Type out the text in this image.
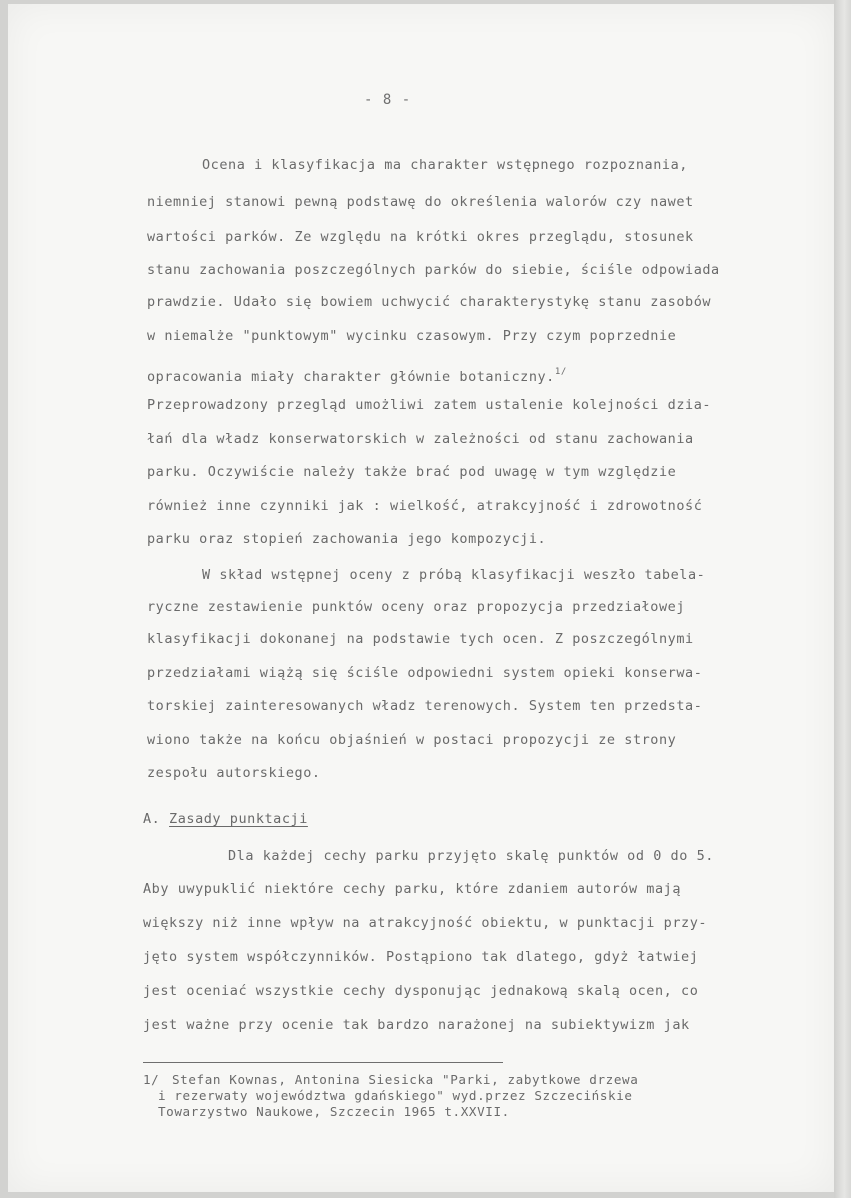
- 8 -
Ocena i klasyfikacja ma charakter wstępnego rozpoznania,
niemniej stanowi pewną podstawę do określenia walorów czy nawet
wartości parków. Ze względu na krótki okres przeglądu, stosunek
stanu zachowania poszczególnych parków do siebie, ściśle odpowiada
prawdzie. Udało się bowiem uchwycić charakterystykę stanu zasobów
w niemalże "punktowym" wycinku czasowym. Przy czym poprzednie
opracowania miały charakter głównie botaniczny.$^{1/}$
Przeprowadzony przegląd umożliwi zatem ustalenie kolejności dzia-
łań dla władz konserwatorskich w zależności od stanu zachowania
parku. Oczywiście należy także brać pod uwagę w tym względzie
również inne czynniki jak : wielkość, atrakcyjność i zdrowotność
parku oraz stopień zachowania jego kompozycji.
W skład wstępnej oceny z próbą klasyfikacji weszło tabela-
ryczne zestawienie punktów oceny oraz propozycja przedziałowej
klasyfikacji dokonanej na podstawie tych ocen. Z poszczególnymi
przedziałami wiążą się ściśle odpowiedni system opieki konserwa-
torskiej zainteresowanych władz terenowych. System ten przedsta-
wiono także na końcu objaśnień w postaci propozycji ze strony
zespołu autorskiego.
A. Zasady punktacji
Dla każdej cechy parku przyjęto skalę punktów od 0 do 5.
Aby uwypuklić niektóre cechy parku, które zdaniem autorów mają
większy niż inne wpływ na atrakcyjność obiektu, w punktacji przy-
jęto system współczynników. Postąpiono tak dlatego, gdyż łatwiej
jest oceniać wszystkie cechy dysponując jednakową skalą ocen, co
jest ważne przy ocenie tak bardzo narażonej na subiektywizm jak
1/ Stefan Kownas, Antonina Siesicka "Parki, zabytkowe drzewa
i rezerwaty województwa gdańskiego" wyd.przez Szczecińskie
Towarzystwo Naukowe, Szczecin 1965 t.XXVII.
